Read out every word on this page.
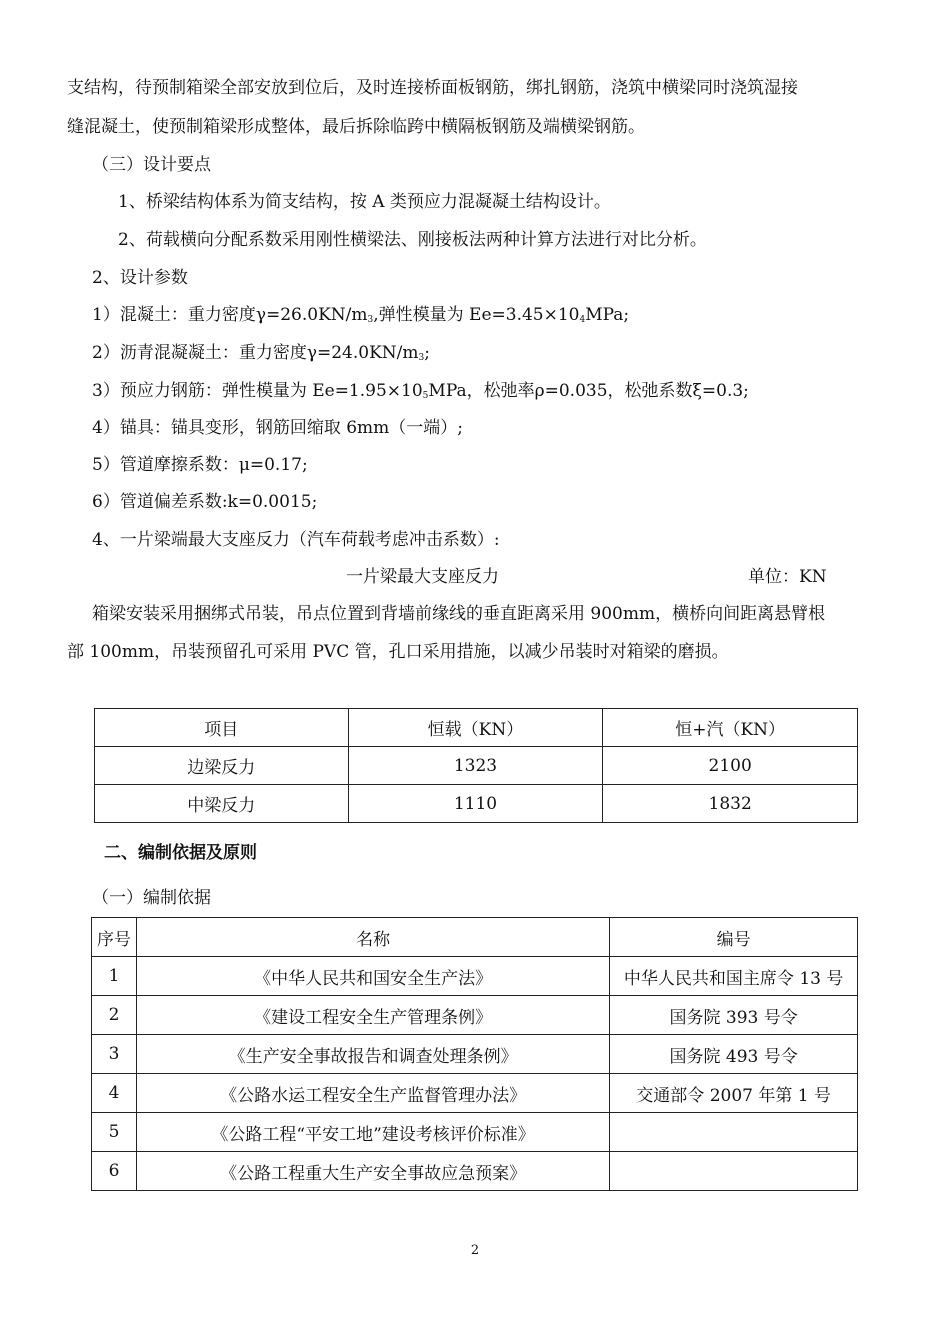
支结构，待预制箱梁全部安放到位后，及时连接桥面板钢筋，绑扎钢筋，浇筑中横梁同时浇筑湿接
缝混凝土，使预制箱梁形成整体，最后拆除临跨中横隔板钢筋及端横梁钢筋。
（三）设计要点
1、桥梁结构体系为简支结构，按 A 类预应力混凝凝土结构设计。
2、荷载横向分配系数采用刚性横梁法、刚接板法两种计算方法进行对比分析。
2、设计参数
1）混凝土：重力密度$\gamma=26.0KN/m_3$,弹性模量为 $Ee=3.45\times 10_4MPa$;
2）沥青混凝凝土：重力密度$\gamma=24.0KN/m_3$;
3）预应力钢筋：弹性模量为 $Ee=1.95\times 10_5MPa$，松弛率ρ=0.035，松弛系数ξ=0.3;
4）锚具：锚具变形，钢筋回缩取 6mm（一端）;
5）管道摩擦系数：μ=0.17;
6）管道偏差系数:k=0.0015;
4、一片梁端最大支座反力（汽车荷载考虑冲击系数）:
一片梁最大支座反力	单位：KN
箱梁安装采用捆绑式吊装，吊点位置到背墙前缘线的垂直距离采用 900mm，横桥向间距离悬臂根
部 100mm，吊装预留孔可采用 PVC 管，孔口采用措施，以减少吊装时对箱梁的磨损。
项目	恒载（KN）	恒+汽（KN）
边梁反力	1323	2100
中梁反力	1110	1832
二、编制依据及原则
（一）编制依据
序号	名称	编号
1	《中华人民共和国安全生产法》	中华人民共和国主席令 13 号
2	《建设工程安全生产管理条例》	国务院 393 号令
3	《生产安全事故报告和调查处理条例》	国务院 493 号令
4	《公路水运工程安全生产监督管理办法》	交通部令 2007 年第 1 号
5	《公路工程“平安工地”建设考核评价标准》	
6	《公路工程重大生产安全事故应急预案》	
2
